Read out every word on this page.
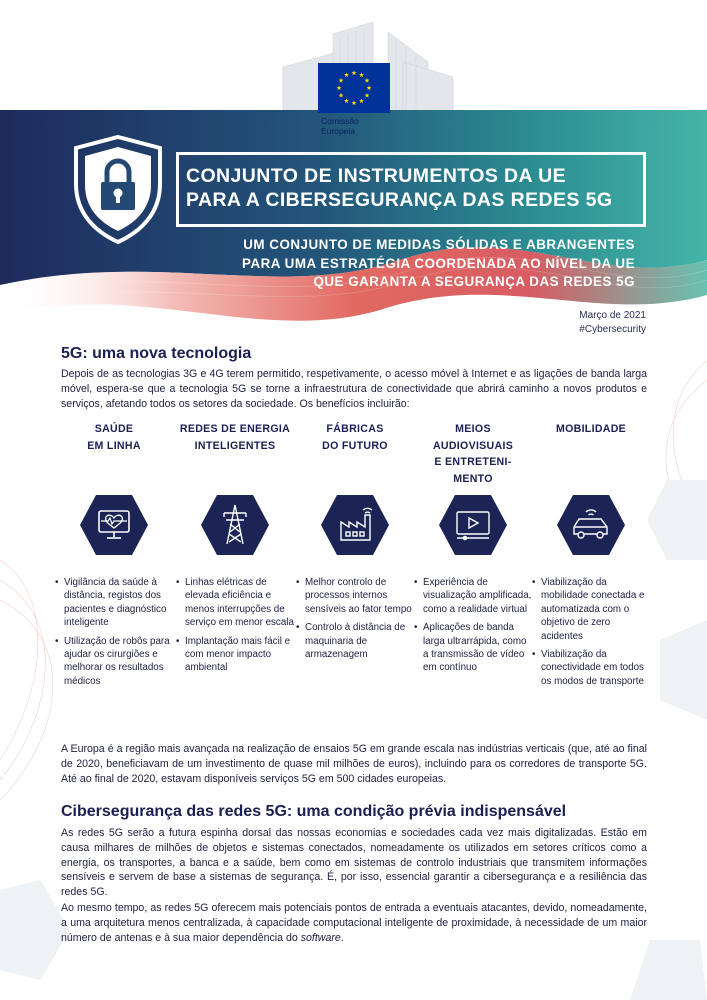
Comissão
Europeia
CONJUNTO DE INSTRUMENTOS DA UE
PARA A CIBERSEGURANÇA DAS REDES 5G
UM CONJUNTO DE MEDIDAS SÓLIDAS E ABRANGENTES
PARA UMA ESTRATÉGIA COORDENADA AO NÍVEL DA UE
QUE GARANTA A SEGURANÇA DAS REDES 5G
Março de 2021
#Cybersecurity
5G: uma nova tecnologia

Depois de as tecnologias 3G e 4G terem permitido, respetivamente, o acesso móvel à Internet e as ligações de banda larga móvel, espera-se que a tecnologia 5G se torne a infraestrutura de conectividade que abrirá caminho a novos produtos e serviços, afetando todos os setores da sociedade. Os benefícios incluirão:

SAÚDE
EM LINHA
• Vigilância da saúde à distância, registos dos pacientes e diagnóstico inteligente
• Utilização de robôs para ajudar os cirurgiões e melhorar os resultados médicos
REDES DE ENERGIA
INTELIGENTES
• Linhas elétricas de elevada eficiência e menos interrupções de serviço em menor escala
• Implantação mais fácil e com menor impacto ambiental
FÁBRICAS
DO FUTURO
• Melhor controlo de processos internos sensíveis ao fator tempo
• Controlo à distância de maquinaria de armazenagem
MEIOS
AUDIOVISUAIS
E ENTRETENI-
MENTO
• Experiência de visualização amplificada, como a realidade virtual
• Aplicações de banda larga ultrarrápida, como a transmissão de vídeo em contínuo
MOBILIDADE
• Viabilização da mobilidade conectada e automatizada com o objetivo de zero acidentes
• Viabilização da conectividade em todos os modos de transporte

A Europa é a região mais avançada na realização de ensaios 5G em grande escala nas indústrias verticais (que, até ao final de 2020, beneficiavam de um investimento de quase mil milhões de euros), incluindo para os corredores de transporte 5G. Até ao final de 2020, estavam disponíveis serviços 5G em 500 cidades europeias.

Cibersegurança das redes 5G: uma condição prévia indispensável

As redes 5G serão a futura espinha dorsal das nossas economias e sociedades cada vez mais digitalizadas. Estão em causa milhares de milhões de objetos e sistemas conectados, nomeadamente os utilizados em setores críticos como a energia, os transportes, a banca e a saúde, bem como em sistemas de controlo industriais que transmitem informações sensíveis e servem de base a sistemas de segurança. É, por isso, essencial garantir a cibersegurança e a resiliência das redes 5G.

Ao mesmo tempo, as redes 5G oferecem mais potenciais pontos de entrada a eventuais atacantes, devido, nomeadamente, a uma arquitetura menos centralizada, à capacidade computacional inteligente de proximidade, à necessidade de um maior número de antenas e à sua maior dependência do software.
